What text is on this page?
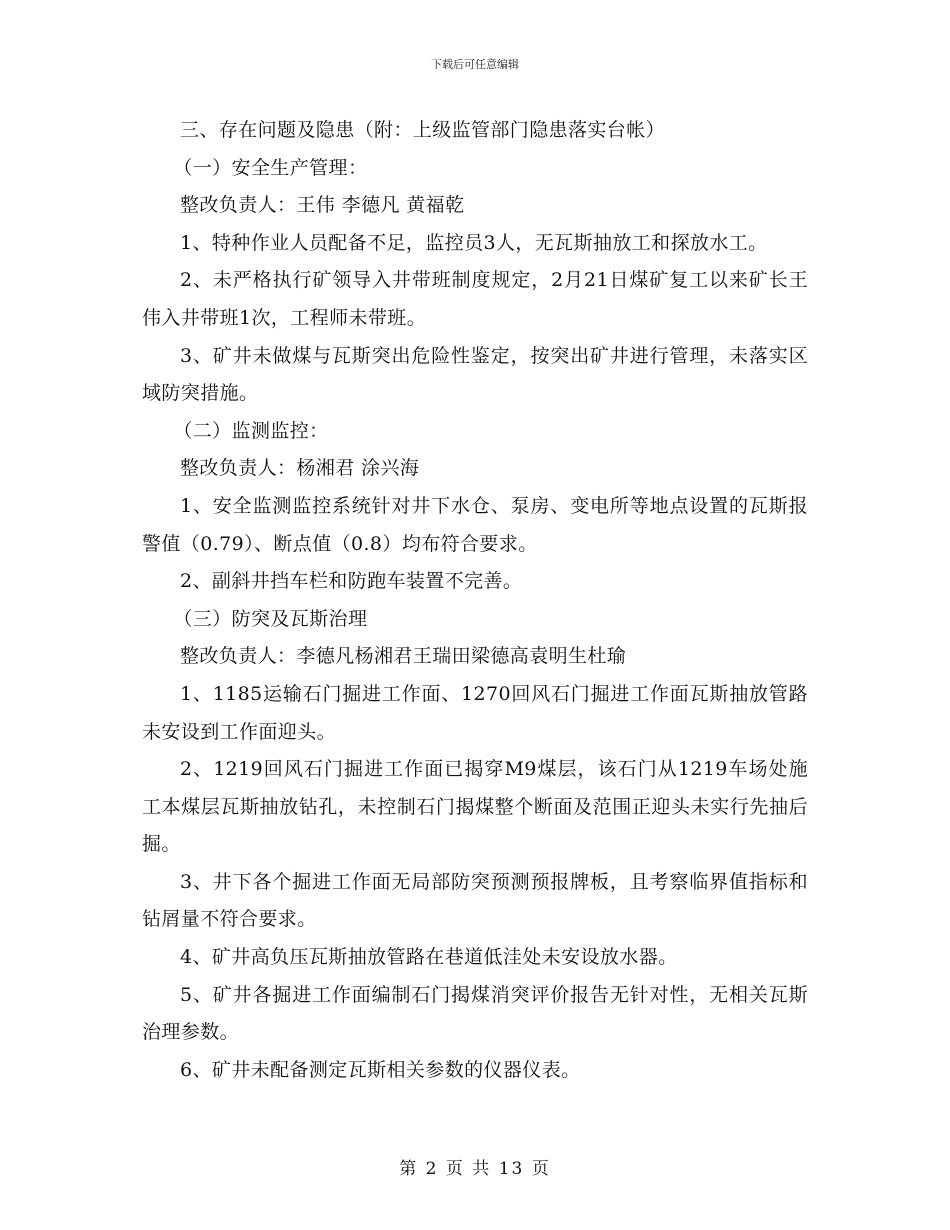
下载后可任意编辑

三、存在问题及隐患（附：上级监管部门隐患落实台帐）

（一）安全生产管理：

整改负责人：王伟 李德凡 黄福乾

1、特种作业人员配备不足，监控员3人，无瓦斯抽放工和探放水工。

2、未严格执行矿领导入井带班制度规定，2月21日煤矿复工以来矿长王伟入井带班1次，工程师未带班。

3、矿井未做煤与瓦斯突出危险性鉴定，按突出矿井进行管理，未落实区域防突措施。

（二）监测监控：

整改负责人：杨湘君 涂兴海

1、安全监测监控系统针对井下水仓、泵房、变电所等地点设置的瓦斯报警值（0.79）、断点值（0.8）均布符合要求。

2、副斜井挡车栏和防跑车装置不完善。

（三）防突及瓦斯治理

整改负责人：李德凡杨湘君王瑞田梁德高袁明生杜瑜

1、1185运输石门掘进工作面、1270回风石门掘进工作面瓦斯抽放管路未安设到工作面迎头。

2、1219回风石门掘进工作面已揭穿M9煤层，该石门从1219车场处施工本煤层瓦斯抽放钻孔，未控制石门揭煤整个断面及范围正迎头未实行先抽后掘。

3、井下各个掘进工作面无局部防突预测预报牌板，且考察临界值指标和钻屑量不符合要求。

4、矿井高负压瓦斯抽放管路在巷道低洼处未安设放水器。

5、矿井各掘进工作面编制石门揭煤消突评价报告无针对性，无相关瓦斯治理参数。

6、矿井未配备测定瓦斯相关参数的仪器仪表。

第 2 页 共 13 页
